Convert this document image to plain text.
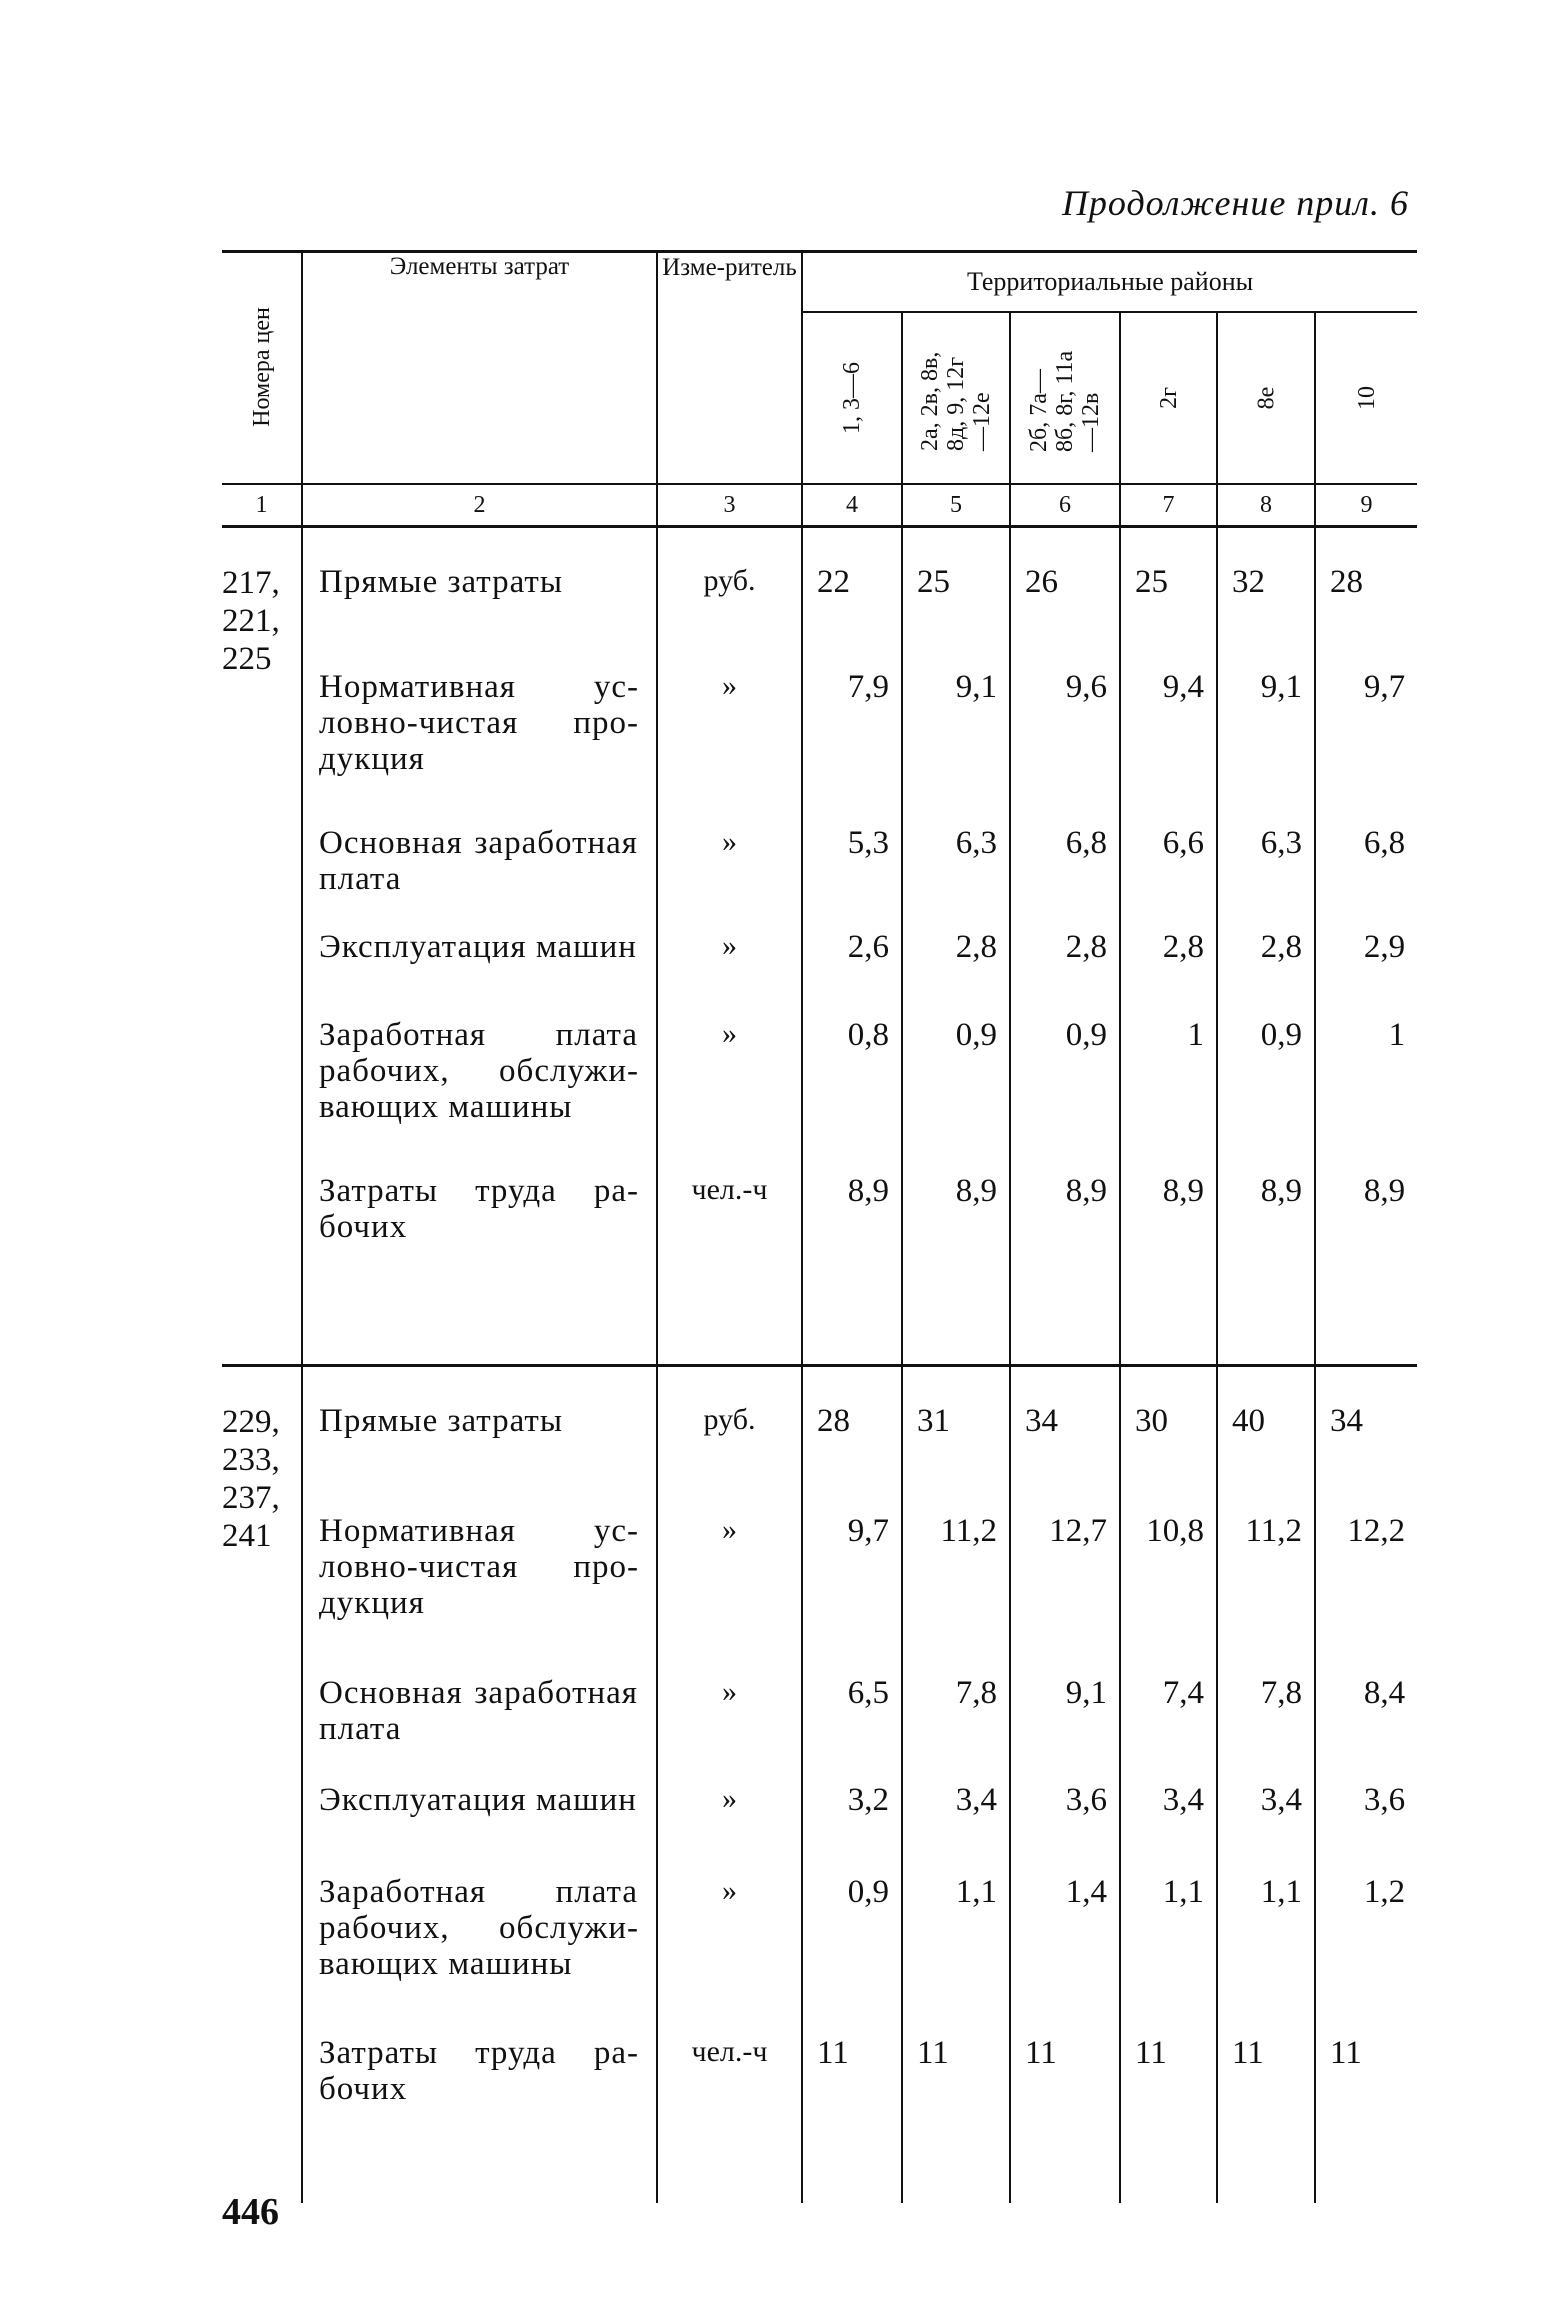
Продолжение прил. 6
Номера цен	Элементы затрат	Изме-ритель	Территориальные районы					

			1, 3—6	2а, 2в, 8в, 8д, 9, 12г—12е	2б, 7а—8б, 8г, 11а—12в	2г	8е	10

1	2	3	4	5	6	7	8	9
217, 221, 225	Прямые затраты	руб.	22	25	26	25	32	28
	Нормативная условно-чистая продукция	»	7,9	9,1	9,6	9,4	9,1	9,7
	Основная заработная плата	»	5,3	6,3	6,8	6,6	6,3	6,8
	Эксплуатация машин	»	2,6	2,8	2,8	2,8	2,8	2,9
	Заработная плата рабочих, обслуживающих машины	»	0,8	0,9	0,9	1	0,9	1
	Затраты труда рабочих	чел.-ч	8,9	8,9	8,9	8,9	8,9	8,9
229, 233, 237, 241	Прямые затраты	руб.	28	31	34	30	40	34
	Нормативная условно-чистая продукция	»	9,7	11,2	12,7	10,8	11,2	12,2
	Основная заработная плата	»	6,5	7,8	9,1	7,4	7,8	8,4
	Эксплуатация машин	»	3,2	3,4	3,6	3,4	3,4	3,6
	Заработная плата рабочих, обслуживающих машины	»	0,9	1,1	1,4	1,1	1,1	1,2
	Затраты труда рабочих	чел.-ч	11	11	11	11	11	11
446
